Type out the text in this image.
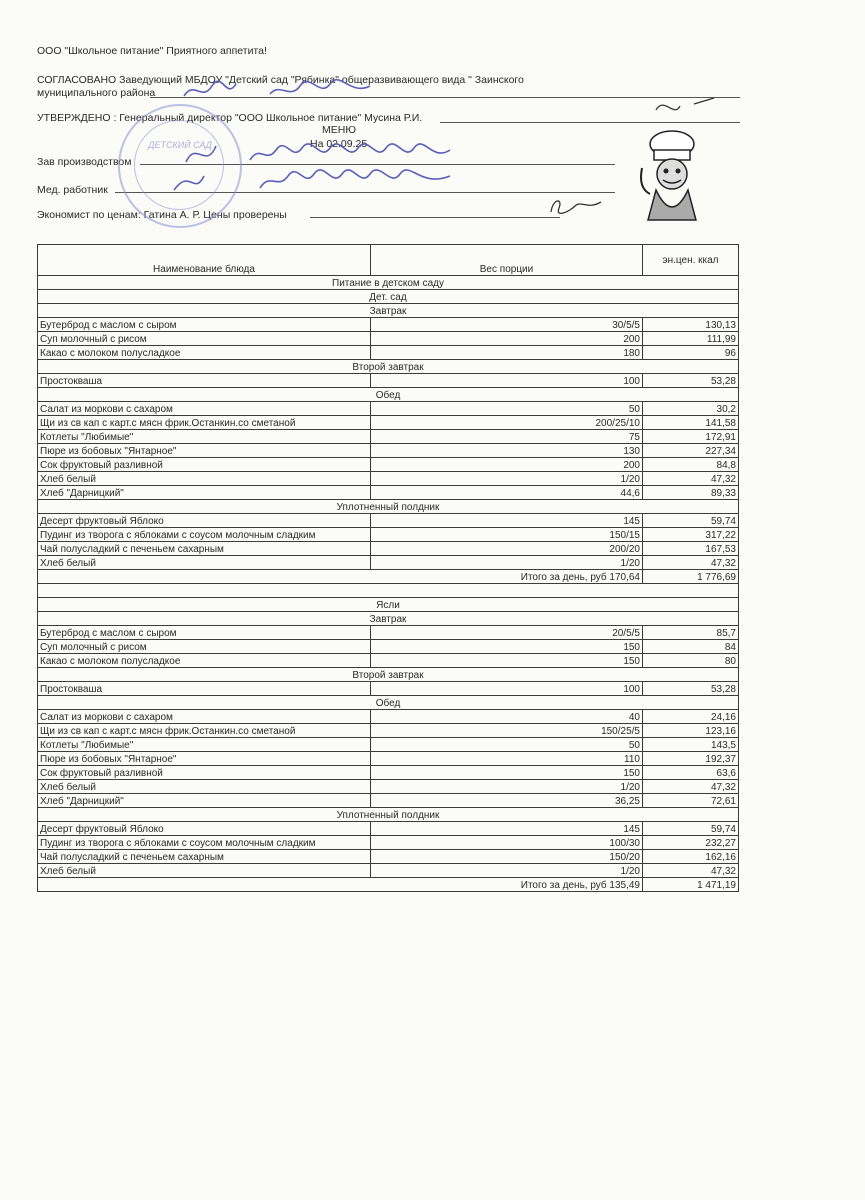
ООО "Школьное питание" Приятного аппетита!
СОГЛАСОВАНО Заведующий МБДОУ "Детский сад "Рябинка" общеразвивающего вида " Заинского
муниципального района
УТВЕРЖДЕНО : Генеральный директор "ООО Школьное питание" Мусина Р.И.
МЕНЮ
На 02.09.25
Зав производством
Мед. работник
Экономист по ценам: Гатина А. Р. Цены проверены
ДЕТСКИЙ САД
Наименование блюда	Вес порции	эн.цен. ккал
Питание в детском саду		
Дет. сад		
Завтрак		
Бутерброд с маслом с сыром	30/5/5	130,13
Суп молочный с рисом	200	111,99
Какао с молоком полусладкое	180	96
Второй завтрак		
Простокваша	100	53,28
Обед		
Салат из моркови с сахаром	50	30,2
Щи из св кап с карт.с мясн фрик.Останкин.со сметаной	200/25/10	141,58
Котлеты "Любимые"	75	172,91
Пюре из бобовых "Янтарное"	130	227,34
Сок фруктовый разливной	200	84,8
Хлеб белый	1/20	47,32
Хлеб "Дарницкий"	44,6	89,33
Уплотненный полдник		
Десерт фруктовый Яблоко	145	59,74
Пудинг из творога с яблоками с соусом молочным сладким	150/15	317,22
Чай полусладкий с печеньем сахарным	200/20	167,53
Хлеб белый	1/20	47,32
Итого за день, руб 170,64		1 776,69

Ясли		
Завтрак		
Бутерброд с маслом с сыром	20/5/5	85,7
Суп молочный с рисом	150	84
Какао с молоком полусладкое	150	80
Второй завтрак		
Простокваша	100	53,28
Обед		
Салат из моркови с сахаром	40	24,16
Щи из св кап с карт.с мясн фрик.Останкин.со сметаной	150/25/5	123,16
Котлеты "Любимые"	50	143,5
Пюре из бобовых "Янтарное"	110	192,37
Сок фруктовый разливной	150	63,6
Хлеб белый	1/20	47,32
Хлеб "Дарницкий"	36,25	72,61
Уплотненный полдник		
Десерт фруктовый Яблоко	145	59,74
Пудинг из творога с яблоками с соусом молочным сладким	100/30	232,27
Чай полусладкий с печеньем сахарным	150/20	162,16
Хлеб белый	1/20	47,32
Итого за день, руб 135,49		1 471,19
